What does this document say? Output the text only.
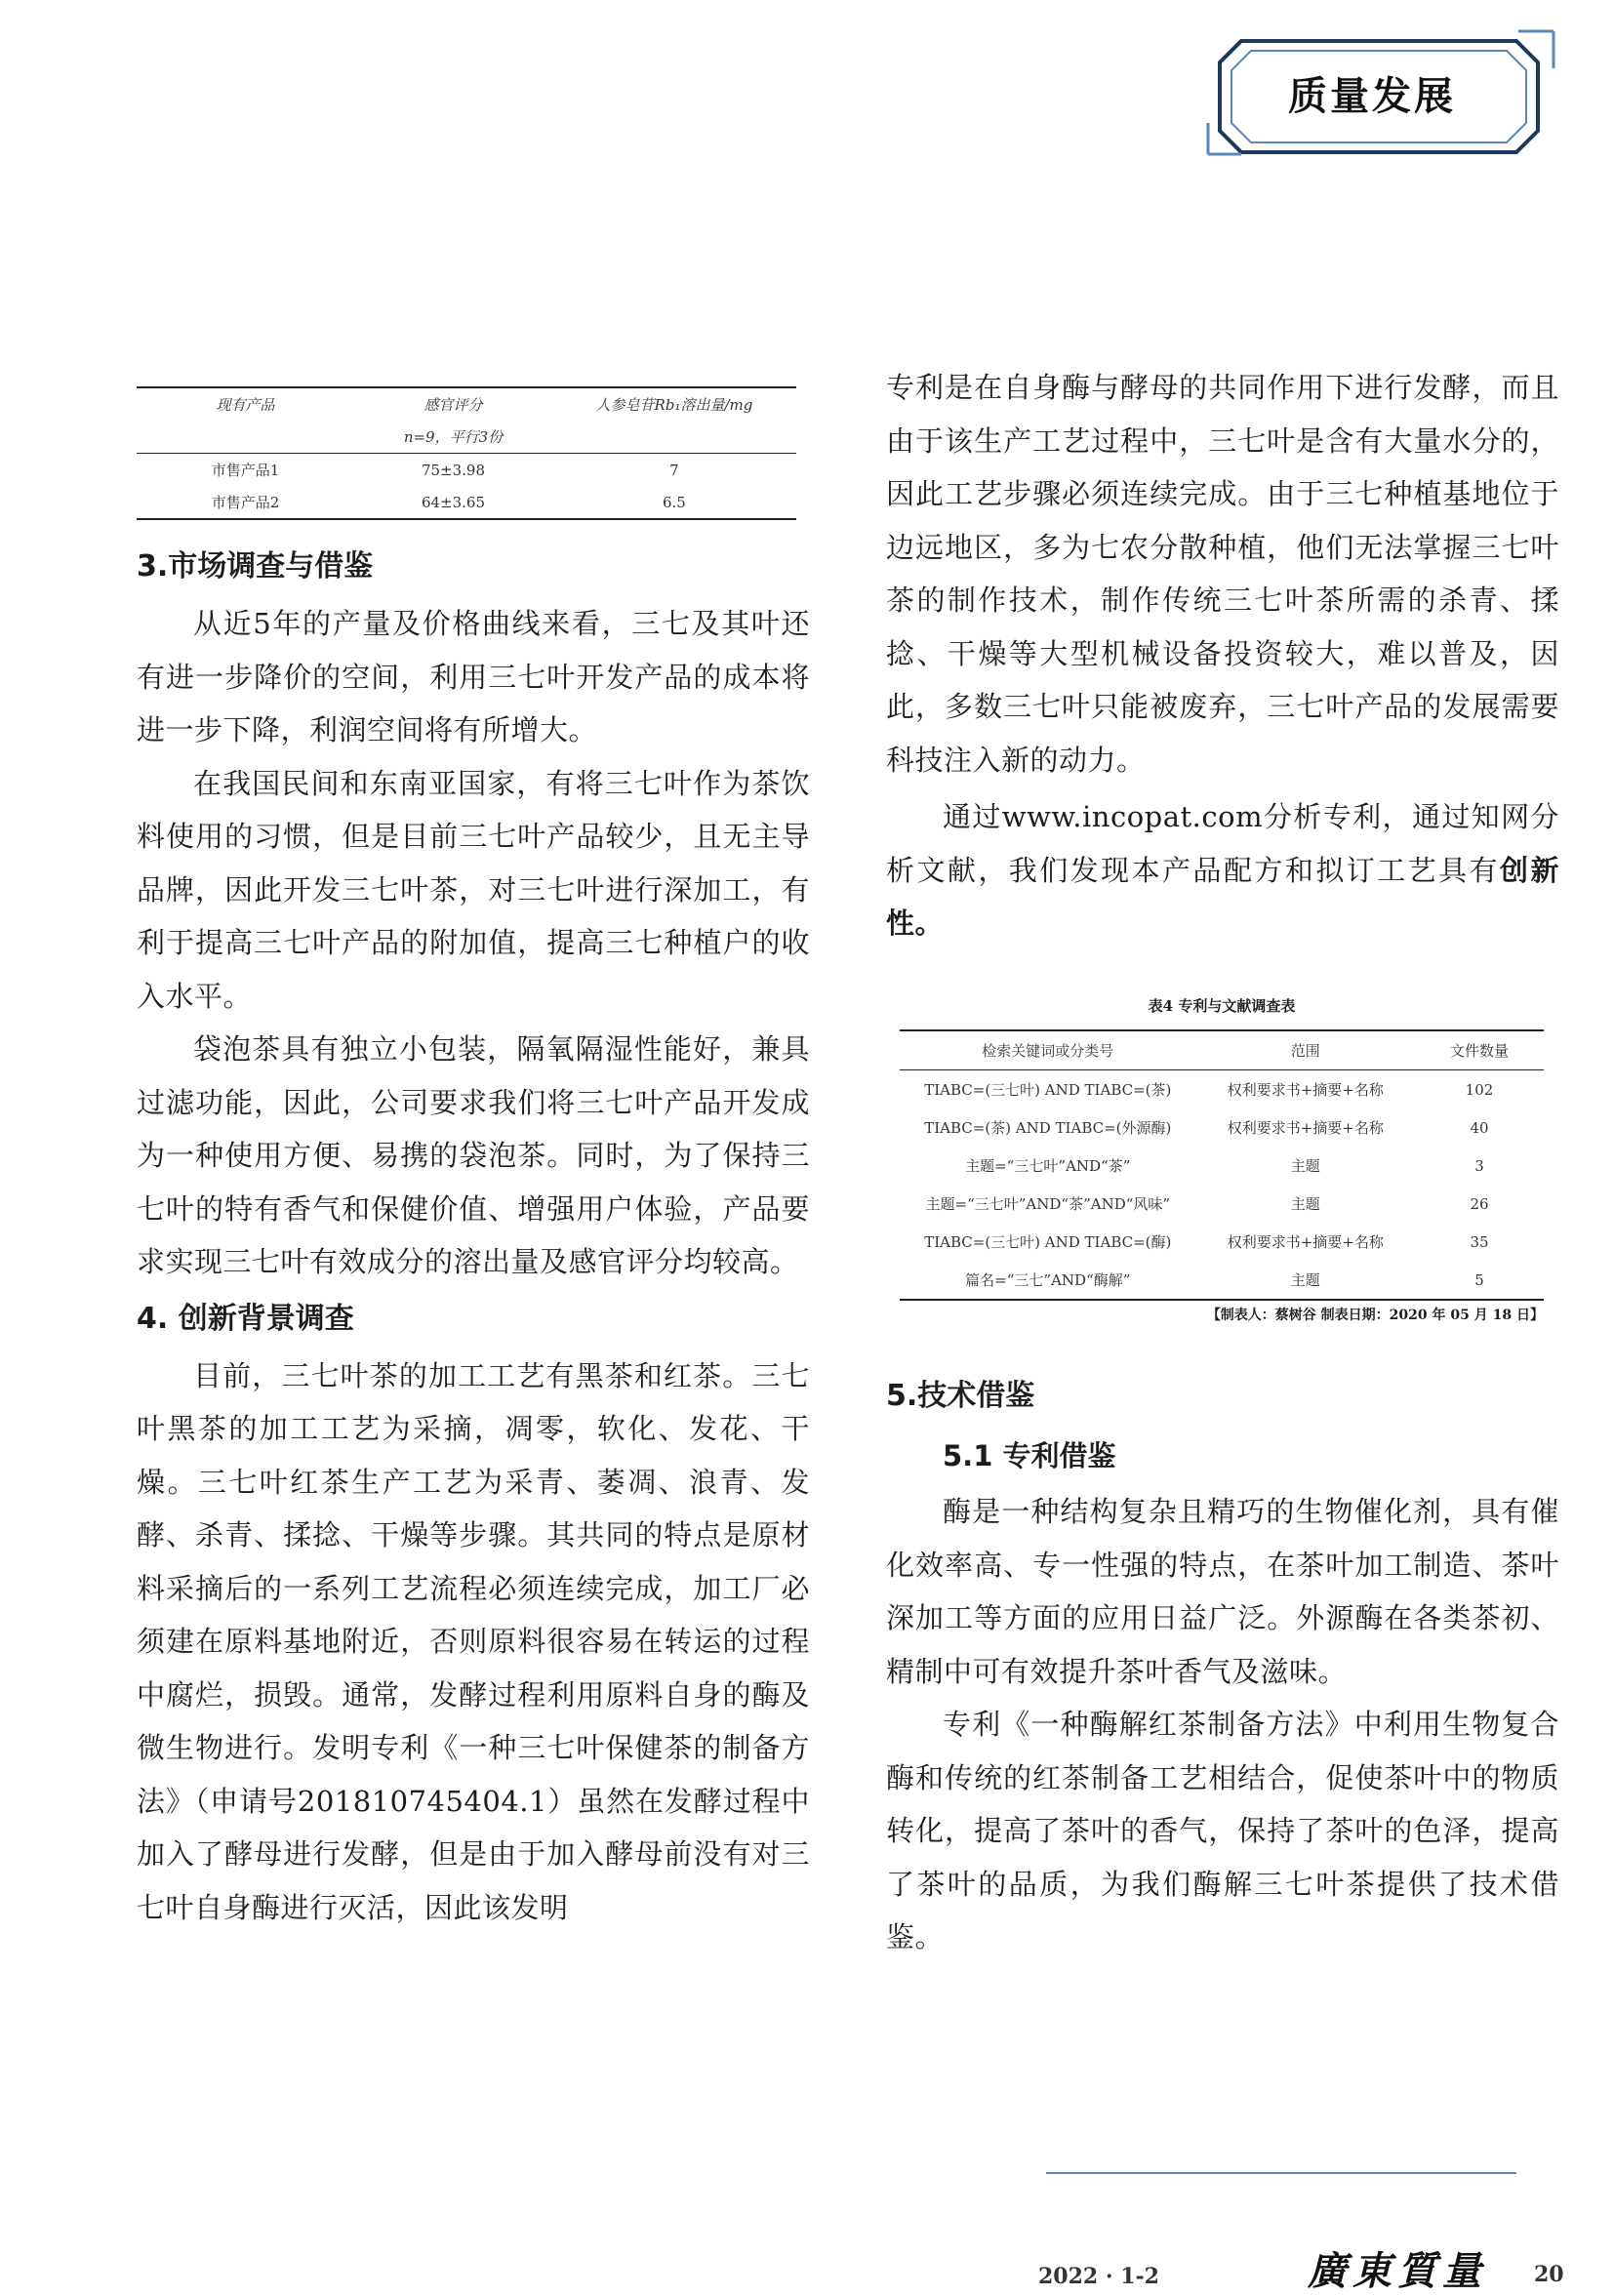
质量发展
现有产品	感官评分	人参皂苷Rb₁溶出量/mg
	n=9，平行3份	
市售产品1	75±3.98	7
市售产品2	64±3.65	6.5
3.市场调查与借鉴

从近5年的产量及价格曲线来看，三七及其叶还有进一步降价的空间，利用三七叶开发产品的成本将进一步下降，利润空间将有所增大。

在我国民间和东南亚国家，有将三七叶作为茶饮料使用的习惯，但是目前三七叶产品较少，且无主导品牌，因此开发三七叶茶，对三七叶进行深加工，有利于提高三七叶产品的附加值，提高三七种植户的收入水平。

袋泡茶具有独立小包装，隔氧隔湿性能好，兼具过滤功能，因此，公司要求我们将三七叶产品开发成为一种使用方便、易携的袋泡茶。同时，为了保持三七叶的特有香气和保健价值、增强用户体验，产品要求实现三七叶有效成分的溶出量及感官评分均较高。

4. 创新背景调查

目前，三七叶茶的加工工艺有黑茶和红茶。三七叶黑茶的加工工艺为采摘，凋零，软化、发花、干燥。三七叶红茶生产工艺为采青、萎凋、浪青、发酵、杀青、揉捻、干燥等步骤。其共同的特点是原材料采摘后的一系列工艺流程必须连续完成，加工厂必须建在原料基地附近，否则原料很容易在转运的过程中腐烂，损毁。通常，发酵过程利用原料自身的酶及微生物进行。发明专利《一种三七叶保健茶的制备方法》（申请号201810745404.1）虽然在发酵过程中加入了酵母进行发酵，但是由于加入酵母前没有对三七叶自身酶进行灭活，因此该发明

专利是在自身酶与酵母的共同作用下进行发酵，而且由于该生产工艺过程中，三七叶是含有大量水分的，因此工艺步骤必须连续完成。由于三七种植基地位于边远地区，多为七农分散种植，他们无法掌握三七叶茶的制作技术，制作传统三七叶茶所需的杀青、揉捻、干燥等大型机械设备投资较大，难以普及，因此，多数三七叶只能被废弃，三七叶产品的发展需要科技注入新的动力。

通过www.incopat.com分析专利，通过知网分析文献，我们发现本产品配方和拟订工艺具有创新性。

表4 专利与文献调查表
检索关键词或分类号	范围	文件数量
TIABC=(三七叶) AND TIABC=(茶)	权利要求书+摘要+名称	102
TIABC=(茶) AND TIABC=(外源酶)	权利要求书+摘要+名称	40
主题=“三七叶”AND“茶”	主题	3
主题=“三七叶”AND“茶”AND“风味”	主题	26
TIABC=(三七叶) AND TIABC=(酶)	权利要求书+摘要+名称	35
篇名=“三七”AND“酶解”	主题	5
【制表人：蔡树谷 制表日期：2020 年 05 月 18 日】
5.技术借鉴
5.1 专利借鉴

酶是一种结构复杂且精巧的生物催化剂，具有催化效率高、专一性强的特点，在茶叶加工制造、茶叶深加工等方面的应用日益广泛。外源酶在各类茶初、精制中可有效提升茶叶香气及滋味。

专利《一种酶解红茶制备方法》中利用生物复合酶和传统的红茶制备工艺相结合，促使茶叶中的物质转化，提高了茶叶的香气，保持了茶叶的色泽，提高了茶叶的品质，为我们酶解三七叶茶提供了技术借鉴。

2022 · 1-2	廣東質量 20
